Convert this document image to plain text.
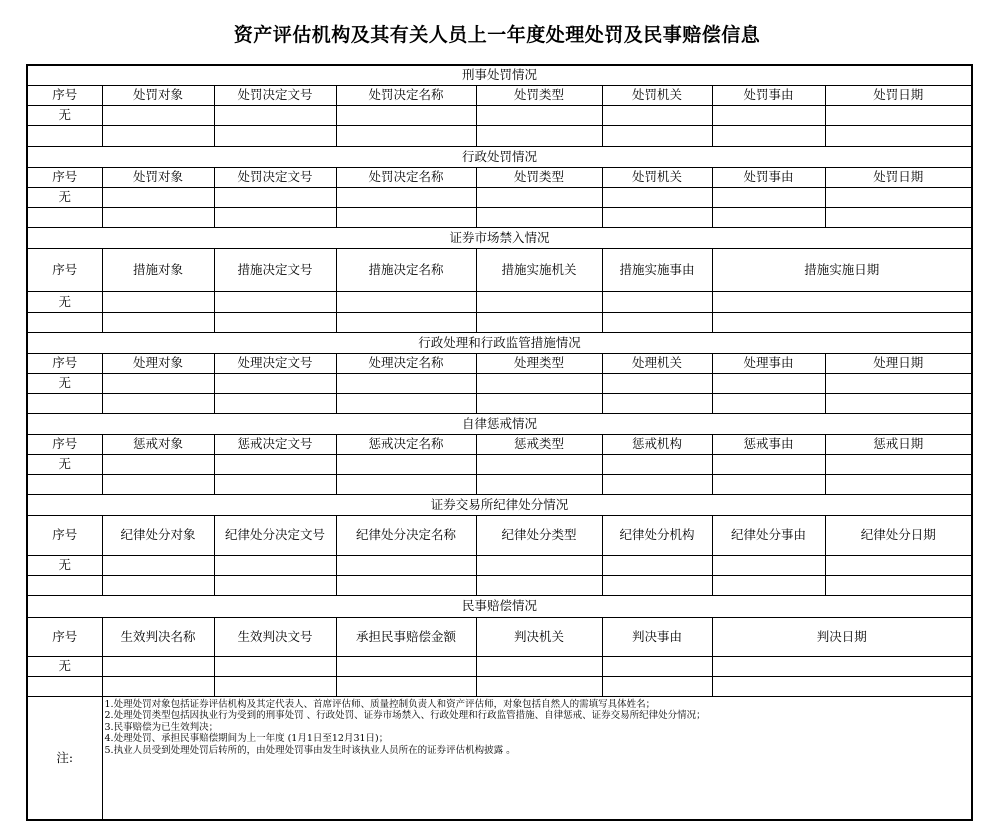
资产评估机构及其有关人员上一年度处理处罚及民事赔偿信息
刑事处罚情况							
序号	处罚对象	处罚决定文号	处罚决定名称	处罚类型	处罚机关	处罚事由	处罚日期
无							

行政处罚情况							
序号	处罚对象	处罚决定文号	处罚决定名称	处罚类型	处罚机关	处罚事由	处罚日期
无							

证券市场禁入情况							
序号	措施对象	措施决定文号	措施决定名称	措施实施机关	措施实施事由	措施实施日期	
无							

行政处理和行政监管措施情况							
序号	处理对象	处理决定文号	处理决定名称	处理类型	处理机关	处理事由	处理日期
无							

自律惩戒情况							
序号	惩戒对象	惩戒决定文号	惩戒决定名称	惩戒类型	惩戒机构	惩戒事由	惩戒日期
无							

证券交易所纪律处分情况							
序号	纪律处分对象	纪律处分决定文号	纪律处分决定名称	纪律处分类型	纪律处分机构	纪律处分事由	纪律处分日期
无							

民事赔偿情况							
序号	生效判决名称	生效判决文号	承担民事赔偿金额	判决机关	判决事由	判决日期	
无							

注:	1.处理处罚对象包括证券评估机构及其定代表人、首席评估师、质量控制负责人和资产评估师，对象包括自然人的需填写具体姓名；
2.处理处罚类型包括因执业行为受到的刑事处罚 、行政处罚、证券市场禁入、行政处理和行政监管措施、自律惩戒、证券交易所纪律处分情况；
3.民事赔偿为已生效判决；
4.处理处罚、承担民事赔偿期间为上一年度 (1月1日至12月31日)；
5.执业人员受到处理处罚后转所的，由处理处罚事由发生时该执业人员所在的证券评估机构披露 。						
